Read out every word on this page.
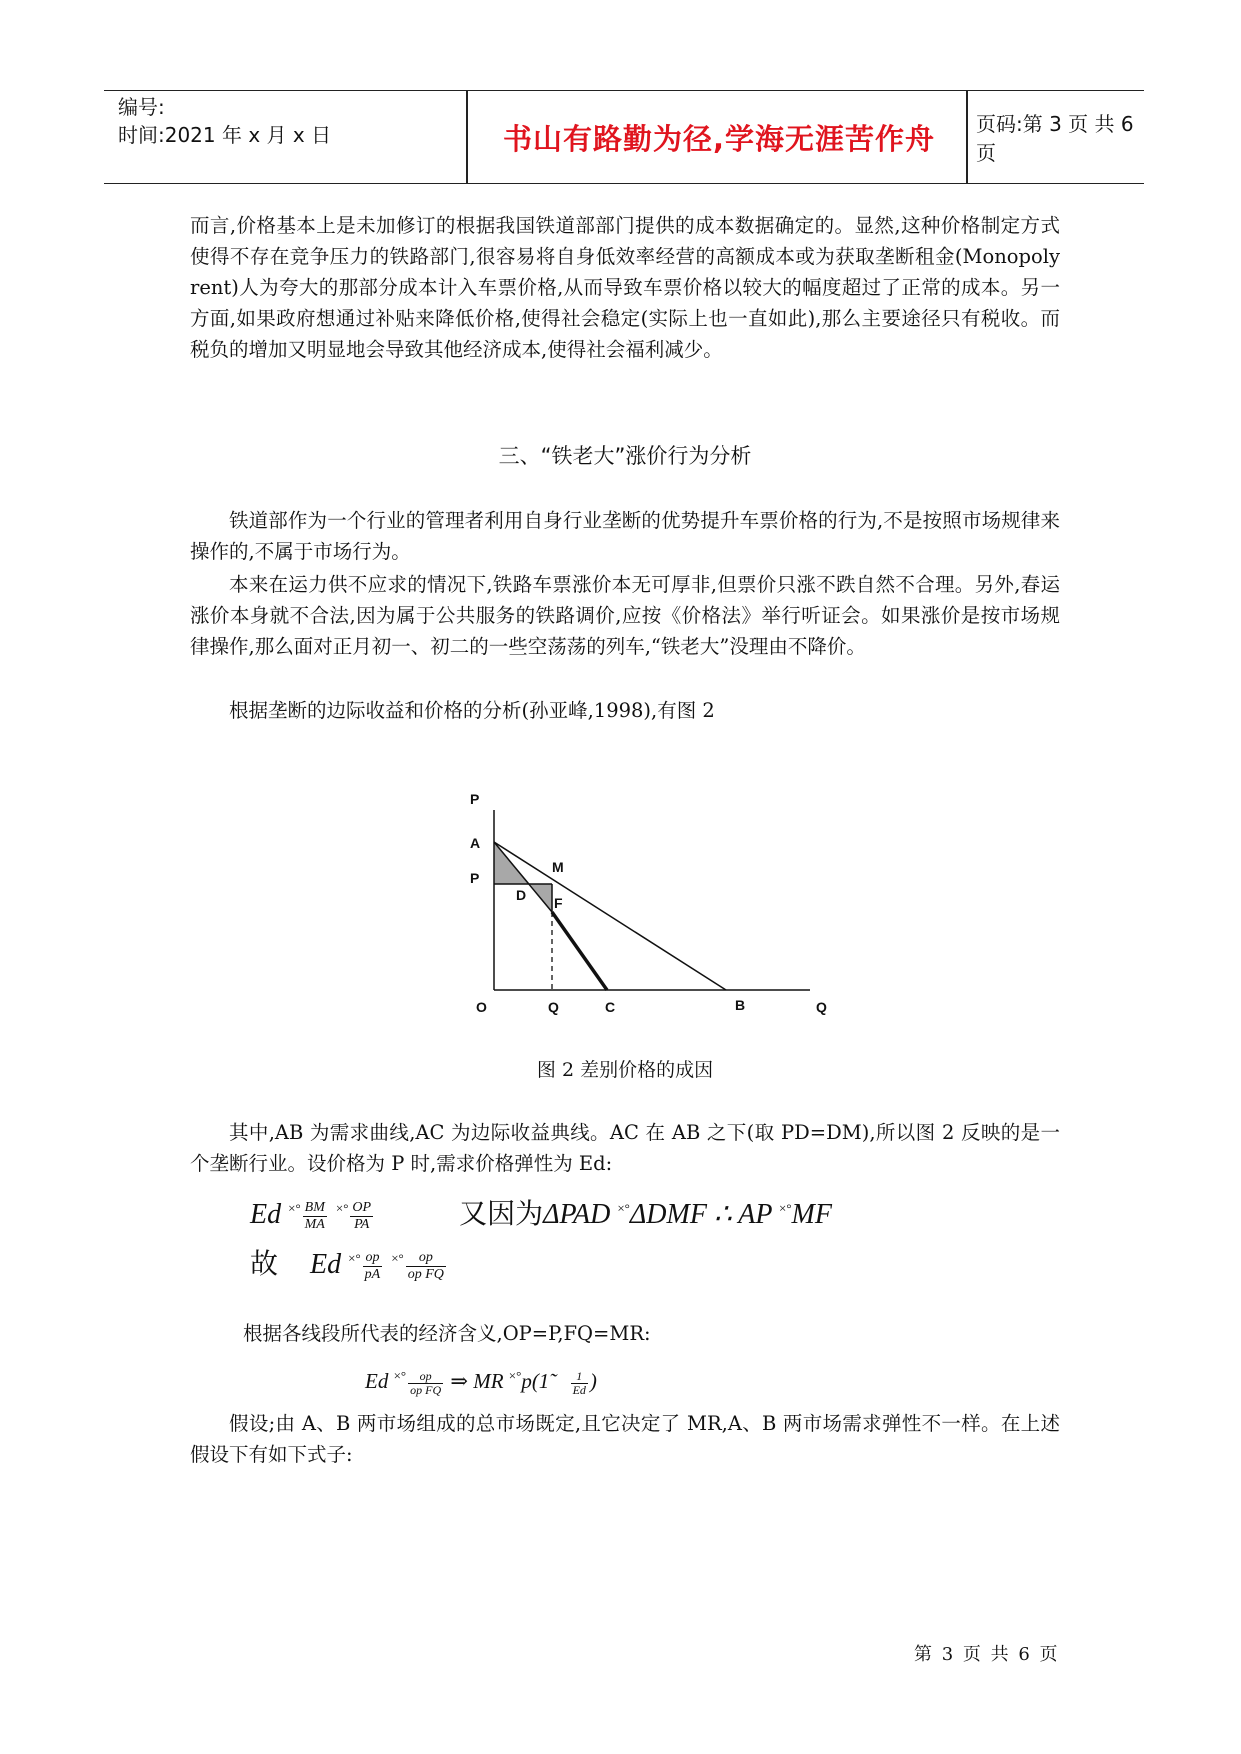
编号:
时间:2021 年 x 月 x 日	书山有路勤为径,学海无涯苦作舟	页码:第 3 页 共 6 页
而言,价格基本上是未加修订的根据我国铁道部部门提供的成本数据确定的。显然,这种价格制定方式使得不存在竞争压力的铁路部门,很容易将自身低效率经营的高额成本或为获取垄断租金(Monopoly rent)人为夸大的那部分成本计入车票价格,从而导致车票价格以较大的幅度超过了正常的成本。另一方面,如果政府想通过补贴来降低价格,使得社会稳定(实际上也一直如此),那么主要途径只有税收。而税负的增加又明显地会导致其他经济成本,使得社会福利减少。
三、“铁老大”涨价行为分析
铁道部作为一个行业的管理者利用自身行业垄断的优势提升车票价格的行为,不是按照市场规律来操作的,不属于市场行为。
本来在运力供不应求的情况下,铁路车票涨价本无可厚非,但票价只涨不跌自然不合理。另外,春运涨价本身就不合法,因为属于公共服务的铁路调价,应按《价格法》举行听证会。如果涨价是按市场规律操作,那么面对正月初一、初二的一些空荡荡的列车,“铁老大”没理由不降价。
根据垄断的边际收益和价格的分析(孙亚峰,1998),有图 2
P
A
P
M
D F
O	Q	C	B	Q
图 2 差别价格的成因
其中,AB 为需求曲线,AC 为边际收益典线。AC 在 AB 之下(取 PD=DM),所以图 2 反映的是一个垄断行业。设价格为 P 时,需求价格弹性为 Ed:
Ed $^{\times^\circ} \frac{BM}{MA} ^{\times^\circ} \frac{OP}{PA}$	又因为ΔPAD ×°ΔDMF ∴ AP ×°MF
故 Ed $^{\times^\circ} \frac{op}{pA} ^{\times^\circ} \frac{op}{\text{op FQ}}$
根据各线段所代表的经济含义,OP=P,FQ=MR:
Ed $^{\times^\circ} \frac{op}{\text{op FQ}}$ ⇒ MR ×°p(1̃ $\frac{1}{Ed}$ )
假设;由 A、B 两市场组成的总市场既定,且它决定了 MR,A、B 两市场需求弹性不一样。在上述假设下有如下式子:
第 3 页 共 6 页
